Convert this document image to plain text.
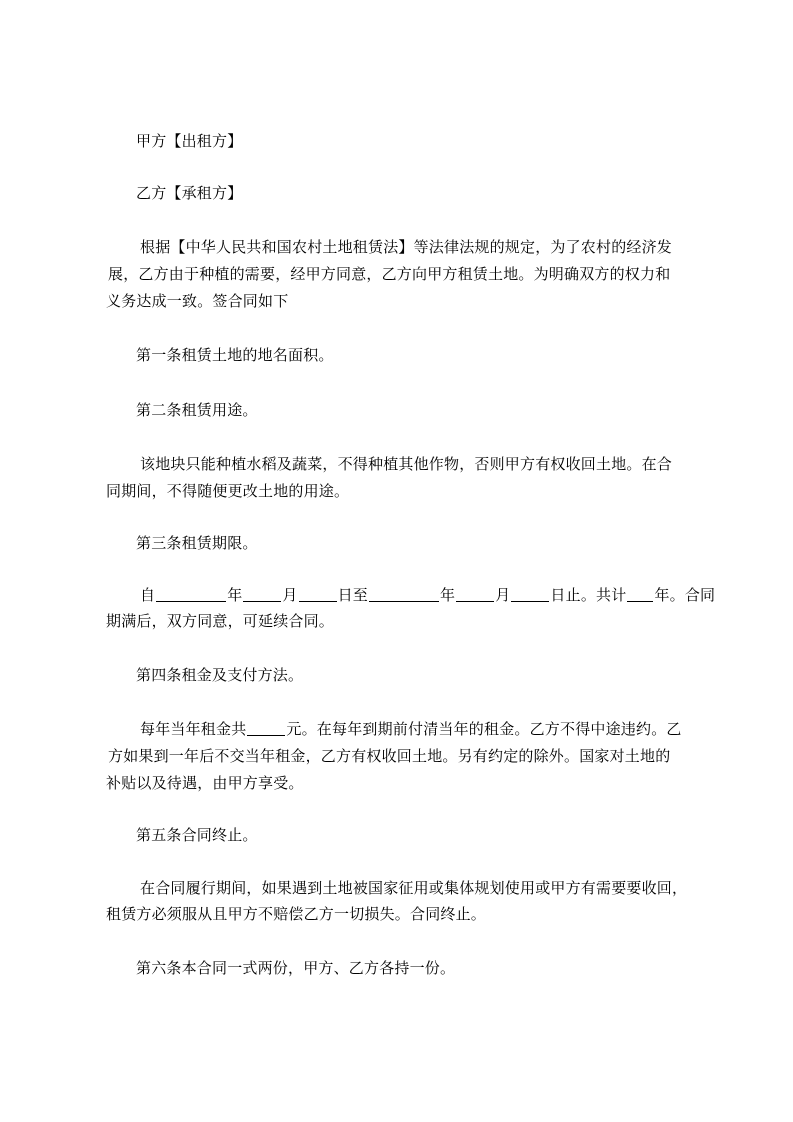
甲方【出租方】
乙方【承租方】
根据【中华人民共和国农村土地租赁法】等法律法规的规定，为了农村的经济发
展，乙方由于种植的需要，经甲方同意，乙方向甲方租赁土地。为明确双方的权力和
义务达成一致。签合同如下
第一条租赁土地的地名面积。
第二条租赁用途。
该地块只能种植水稻及蔬菜，不得种植其他作物，否则甲方有权收回土地。在合
同期间，不得随便更改土地的用途。
第三条租赁期限。
自	年	月	日至	年	月	日止。共计 年。合同
期满后，双方同意，可延续合同。
第四条租金及支付方法。
每年当年租金共	元。在每年到期前付清当年的租金。乙方不得中途违约。乙
方如果到一年后不交当年租金，乙方有权收回土地。另有约定的除外。国家对土地的
补贴以及待遇，由甲方享受。
第五条合同终止。
在合同履行期间，如果遇到土地被国家征用或集体规划使用或甲方有需要要收回，
租赁方必须服从且甲方不赔偿乙方一切损失。合同终止。
第六条本合同一式两份，甲方、乙方各持一份。
